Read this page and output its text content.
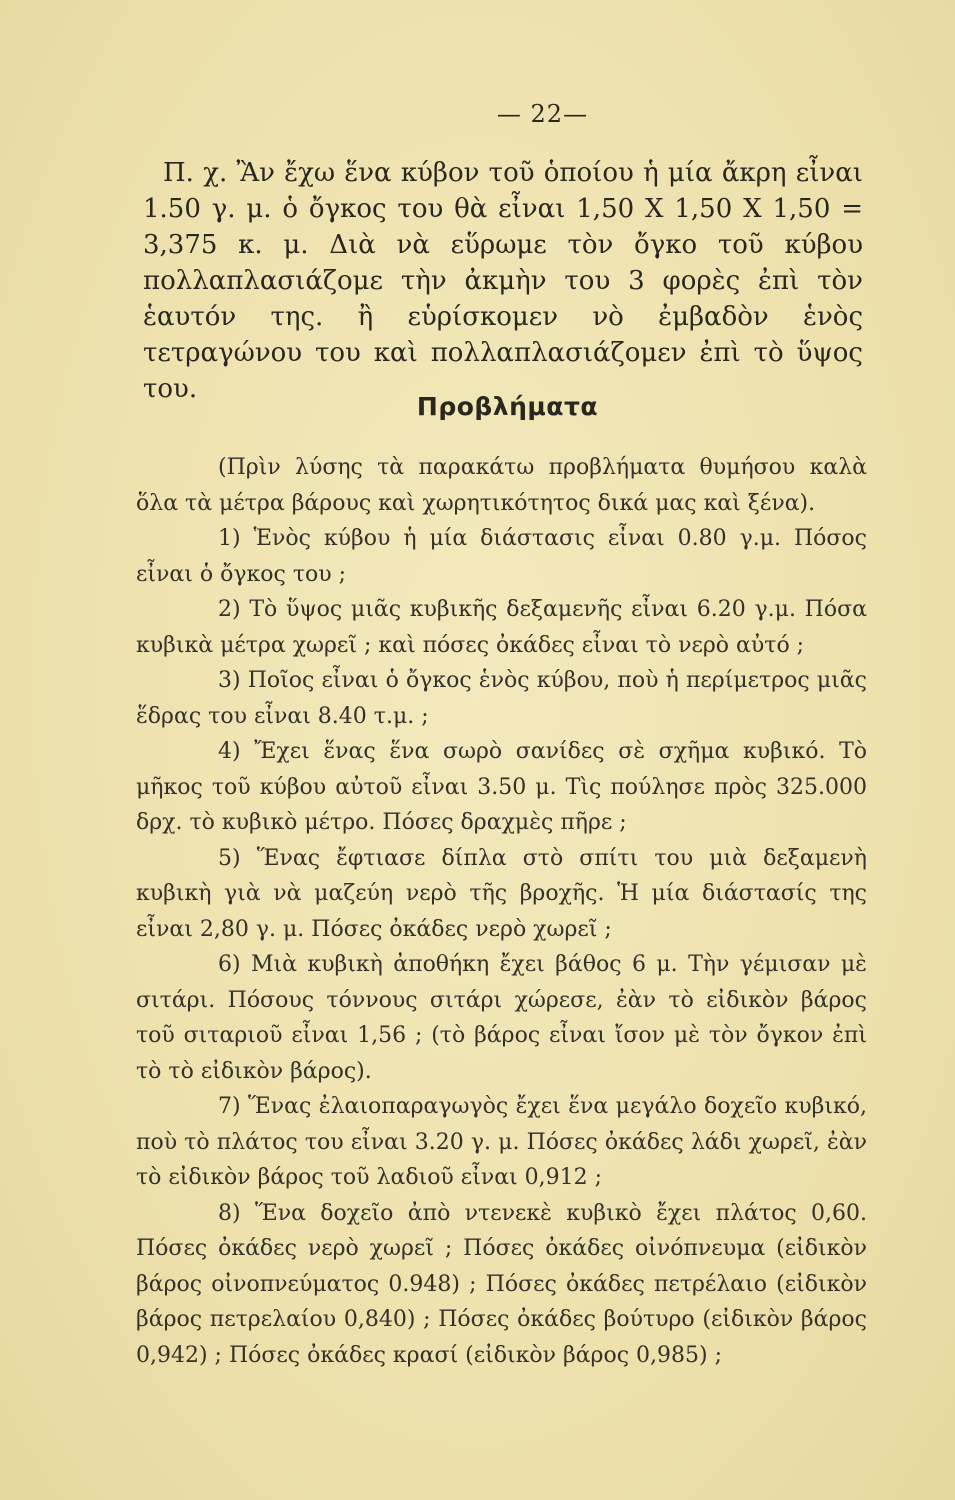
— 22—
Π. χ. Ἂν ἔχω ἕνα κύβον τοῦ ὁποίου ἡ μία ἄκρη εἶναι 1.50 γ. μ. ὁ ὄγκος του θὰ εἶναι 1,50 X 1,50 X 1,50 = 3,375 κ. μ. Διὰ νὰ εὕρωμε τὸν ὄγκο τοῦ κύβου πολλαπλασιάζομε τὴν ἀκμὴν του 3 φορὲς ἐπὶ τὸν ἑαυτόν της. ἢ εὑρίσκομεν νὸ ἐμβαδὸν ἑνὸς τετραγώνου του καὶ πολλαπλασιάζομεν ἐπὶ τὸ ὕψος του.
Προβλήματα

(Πρὶν λύσης τὰ παρακάτω προβλήματα θυμήσου καλὰ ὅλα τὰ μέτρα βάρους καὶ χωρητικότητος δικά μας καὶ ξένα).

1) Ἑνὸς κύβου ἡ μία διάστασις εἶναι 0.80 γ.μ. Πόσος εἶναι ὁ ὄγκος του ;

2) Τὸ ὕψος μιᾶς κυβικῆς δεξαμενῆς εἶναι 6.20 γ.μ. Πόσα κυβικὰ μέτρα χωρεῖ ; καὶ πόσες ὀκάδες εἶναι τὸ νερὸ αὐτό ;

3) Ποῖος εἶναι ὁ ὄγκος ἑνὸς κύβου, ποὺ ἡ περίμετρος μιᾶς ἕδρας του εἶναι 8.40 τ.μ. ;

4) Ἔχει ἕνας ἕνα σωρὸ σανίδες σὲ σχῆμα κυβικό. Τὸ μῆκος τοῦ κύβου αὐτοῦ εἶναι 3.50 μ. Τὶς πούλησε πρὸς 325.000 δρχ. τὸ κυβικὸ μέτρο. Πόσες δραχμὲς πῆρε ;

5) Ἕνας ἔφτιασε δίπλα στὸ σπίτι του μιὰ δεξαμενὴ κυβικὴ γιὰ νὰ μαζεύη νερὸ τῆς βροχῆς. Ἡ μία διάστασίς της εἶναι 2,80 γ. μ. Πόσες ὀκάδες νερὸ χωρεῖ ;

6) Μιὰ κυβικὴ ἀποθήκη ἔχει βάθος 6 μ. Τὴν γέμισαν μὲ σιτάρι. Πόσους τόννους σιτάρι χώρεσε, ἐὰν τὸ εἰδικὸν βάρος τοῦ σιταριοῦ εἶναι 1,56 ; (τὸ βάρος εἶναι ἴσον μὲ τὸν ὄγκον ἐπὶ τὸ τὸ εἰδικὸν βάρος).

7) Ἕνας ἐλαιοπαραγωγὸς ἔχει ἕνα μεγάλο δοχεῖο κυβικό, ποὺ τὸ πλάτος του εἶναι 3.20 γ. μ. Πόσες ὀκάδες λάδι χωρεῖ, ἐὰν τὸ εἰδικὸν βάρος τοῦ λαδιοῦ εἶναι 0,912 ;

8) Ἕνα δοχεῖο ἀπὸ ντενεκὲ κυβικὸ ἔχει πλάτος 0,60. Πόσες ὀκάδες νερὸ χωρεῖ ; Πόσες ὀκάδες οἰνόπνευμα (εἰδικὸν βάρος οἰνοπνεύματος 0.948) ; Πόσες ὀκάδες πετρέλαιο (εἰδικὸν βάρος πετρελαίου 0,840) ; Πόσες ὀκάδες βούτυρο (εἰδικὸν βάρος 0,942) ; Πόσες ὀκάδες κρασί (εἰδικὸν βάρος 0,985) ;
